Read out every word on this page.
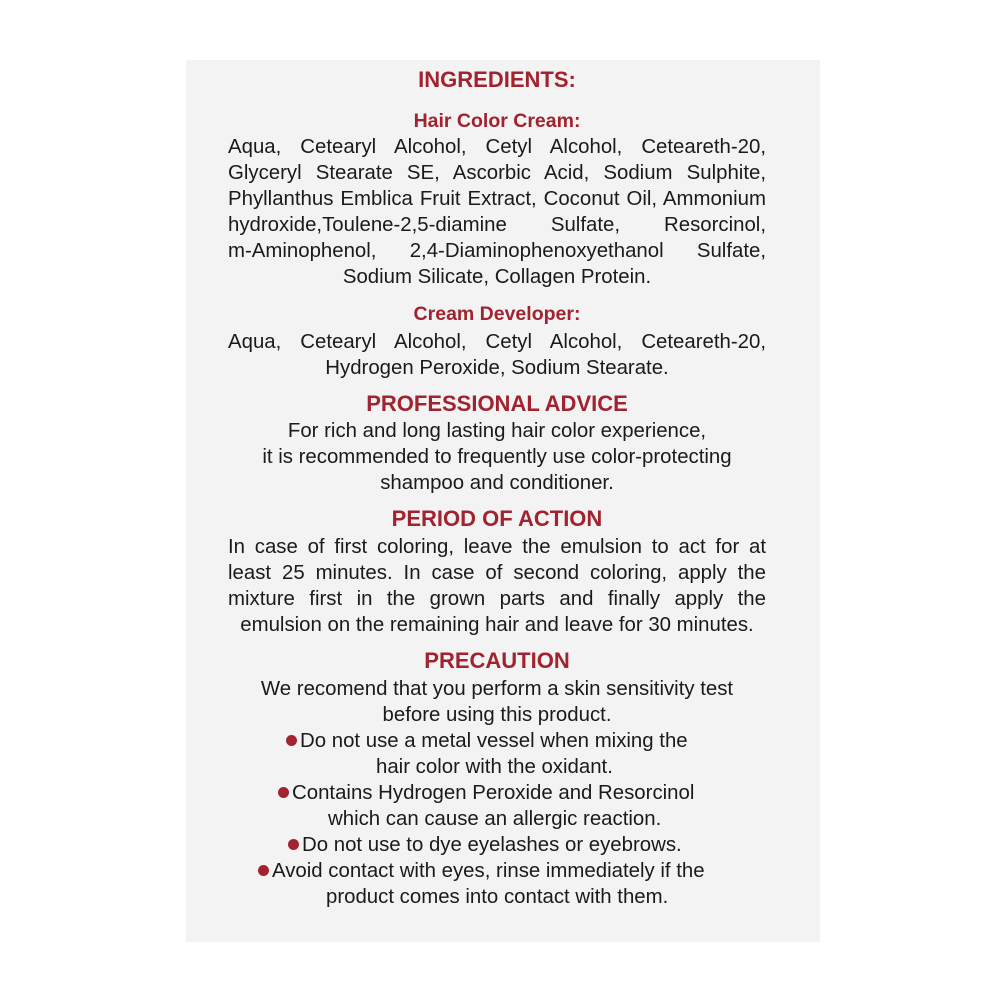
INGREDIENTS:
Hair Color Cream:
Aqua, Cetearyl Alcohol, Cetyl Alcohol, Ceteareth-20,
Glyceryl Stearate SE, Ascorbic Acid, Sodium Sulphite,
Phyllanthus Emblica Fruit Extract, Coconut Oil, Ammonium
hydroxide,Toulene-2,5-diamine Sulfate, Resorcinol,
m-Aminophenol, 2,4-Diaminophenoxyethanol Sulfate,
Sodium Silicate, Collagen Protein.
Cream Developer:
Aqua, Cetearyl Alcohol, Cetyl Alcohol, Ceteareth-20,
Hydrogen Peroxide, Sodium Stearate.
PROFESSIONAL ADVICE
For rich and long lasting hair color experience,
it is recommended to frequently use color-protecting
shampoo and conditioner.
PERIOD OF ACTION
In case of first coloring, leave the emulsion to act for at
least 25 minutes. In case of second coloring, apply the
mixture first in the grown parts and finally apply the
emulsion on the remaining hair and leave for 30 minutes.
PRECAUTION
We recomend that you perform a skin sensitivity test
before using this product.
Do not use a metal vessel when mixing the
hair color with the oxidant.
Contains Hydrogen Peroxide and Resorcinol
which can cause an allergic reaction.
Do not use to dye eyelashes or eyebrows.
Avoid contact with eyes, rinse immediately if the
product comes into contact with them.
